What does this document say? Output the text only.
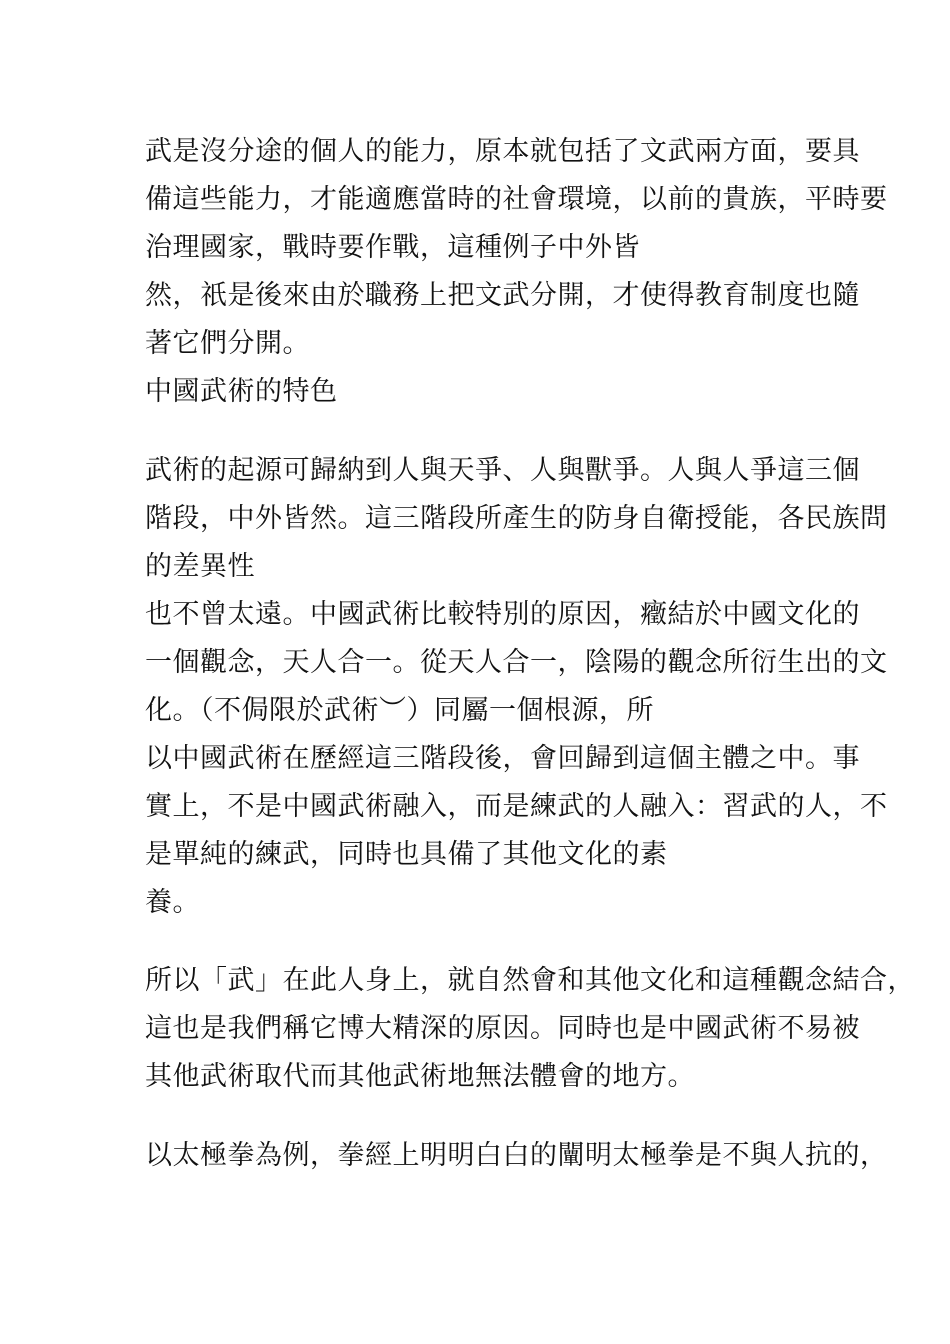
武是沒分途的個人的能力，原本就包括了文武兩方面，要具
備這些能力，才能適應當時的社會環境，以前的貴族，平時要
治理國家，戰時要作戰，這種例子中外皆
然，祇是後來由於職務上把文武分開，才使得教育制度也隨
著它們分開。
中國武術的特色
武術的起源可歸納到人與天爭、人與獸爭。人與人爭這三個
階段，中外皆然。這三階段所產生的防身自衛授能，各民族問
的差異性
也不曾太遠。中國武術比較特別的原因，癥結於中國文化的
一個觀念，天人合一。從天人合一，陰陽的觀念所衍生出的文
化。（不侷限於武術︶）同屬一個根源，所
以中國武術在歷經這三階段後，會回歸到這個主體之中。事
實上，不是中國武術融入，而是練武的人融入：習武的人，不
是單純的練武，同時也具備了其他文化的素
養。
所以「武」在此人身上，就自然會和其他文化和這種觀念結合，
這也是我們稱它博大精深的原因。同時也是中國武術不易被
其他武術取代而其他武術地無法體會的地方。
以太極拳為例，拳經上明明白白的闡明太極拳是不與人抗的，
